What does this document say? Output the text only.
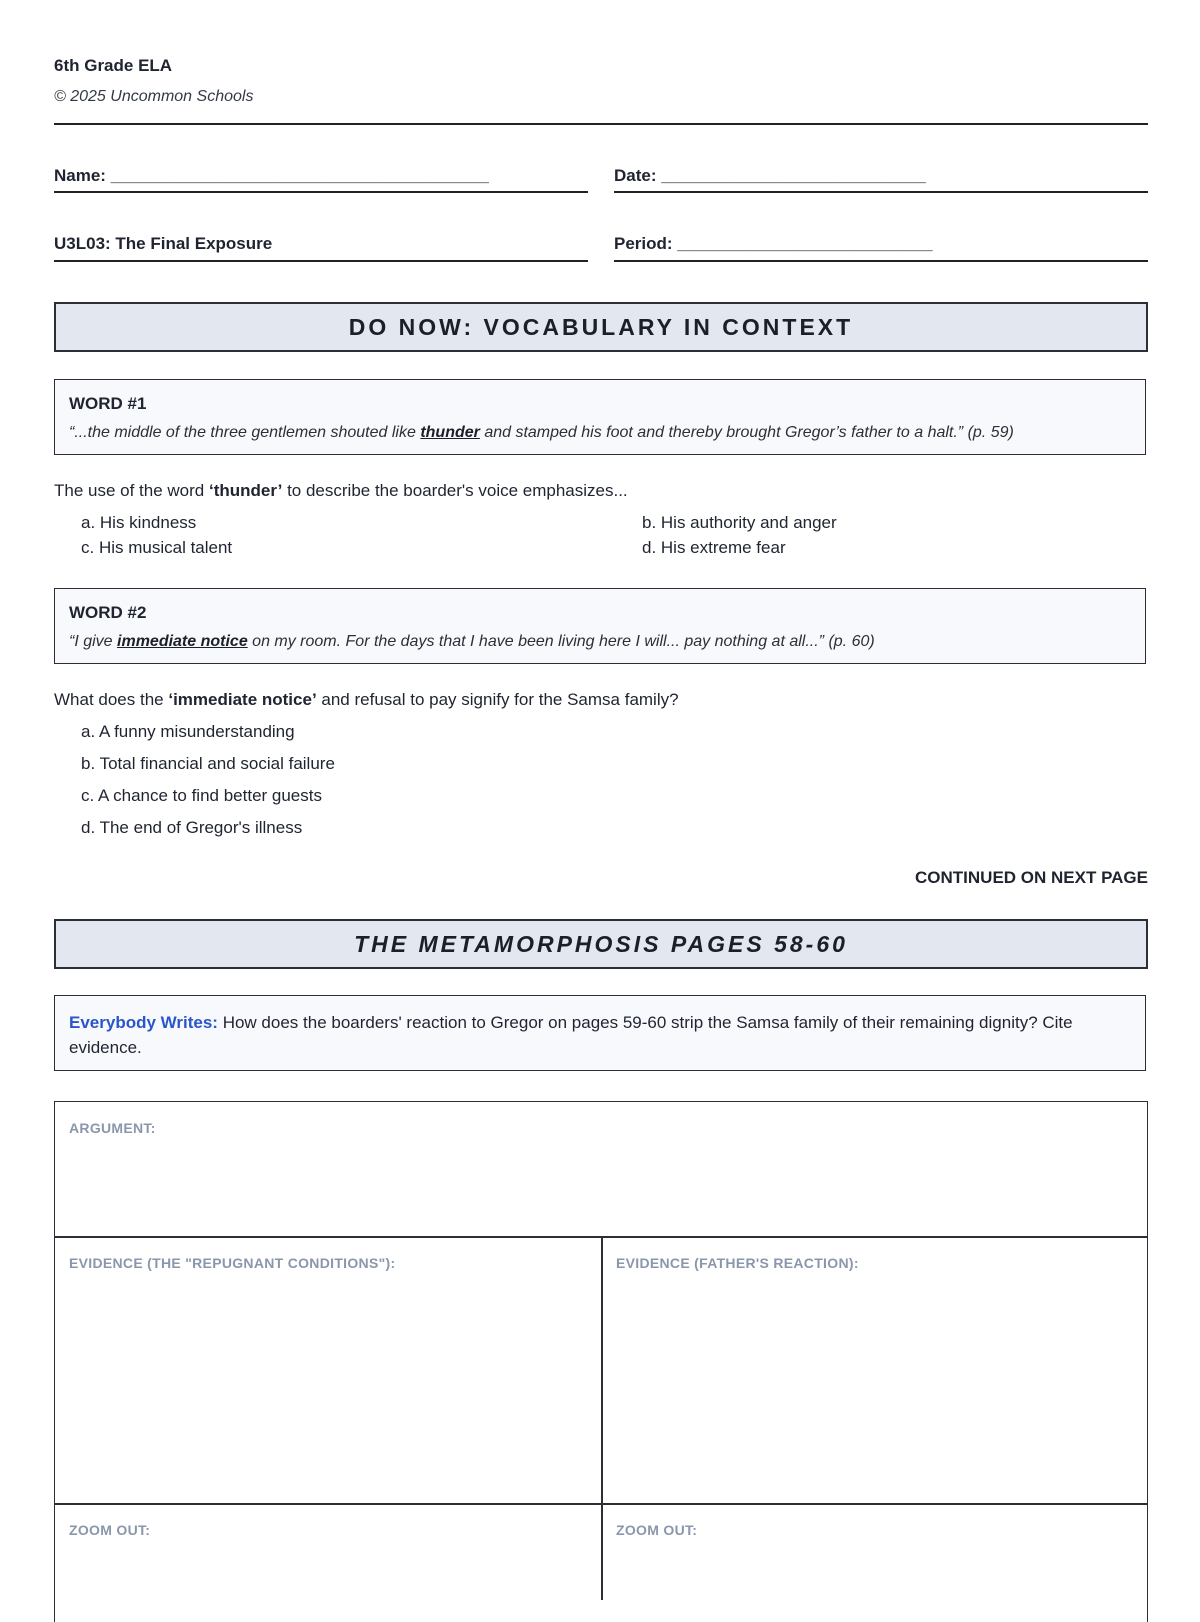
6th Grade ELA
© 2025 Uncommon Schools
Name: ________________________________________	Date: ____________________________
U3L03: The Final Exposure	Period: ___________________________
DO NOW: VOCABULARY IN CONTEXT
WORD #1
“...the middle of the three gentlemen shouted like thunder and stamped his foot and thereby brought Gregor’s father to a halt.” (p. 59)
The use of the word ‘thunder’ to describe the boarder's voice emphasizes...
a. His kindness	b. His authority and anger
c. His musical talent	d. His extreme fear
WORD #2
“I give immediate notice on my room. For the days that I have been living here I will... pay nothing at all...” (p. 60)
What does the ‘immediate notice’ and refusal to pay signify for the Samsa family?
a. A funny misunderstanding
b. Total financial and social failure
c. A chance to find better guests
d. The end of Gregor's illness
CONTINUED ON NEXT PAGE
THE METAMORPHOSIS PAGES 58-60
Everybody Writes: How does the boarders' reaction to Gregor on pages 59-60 strip the Samsa family of their remaining dignity? Cite evidence.
ARGUMENT:
EVIDENCE (THE "REPUGNANT CONDITIONS"):	EVIDENCE (FATHER'S REACTION):
ZOOM OUT:	ZOOM OUT:
